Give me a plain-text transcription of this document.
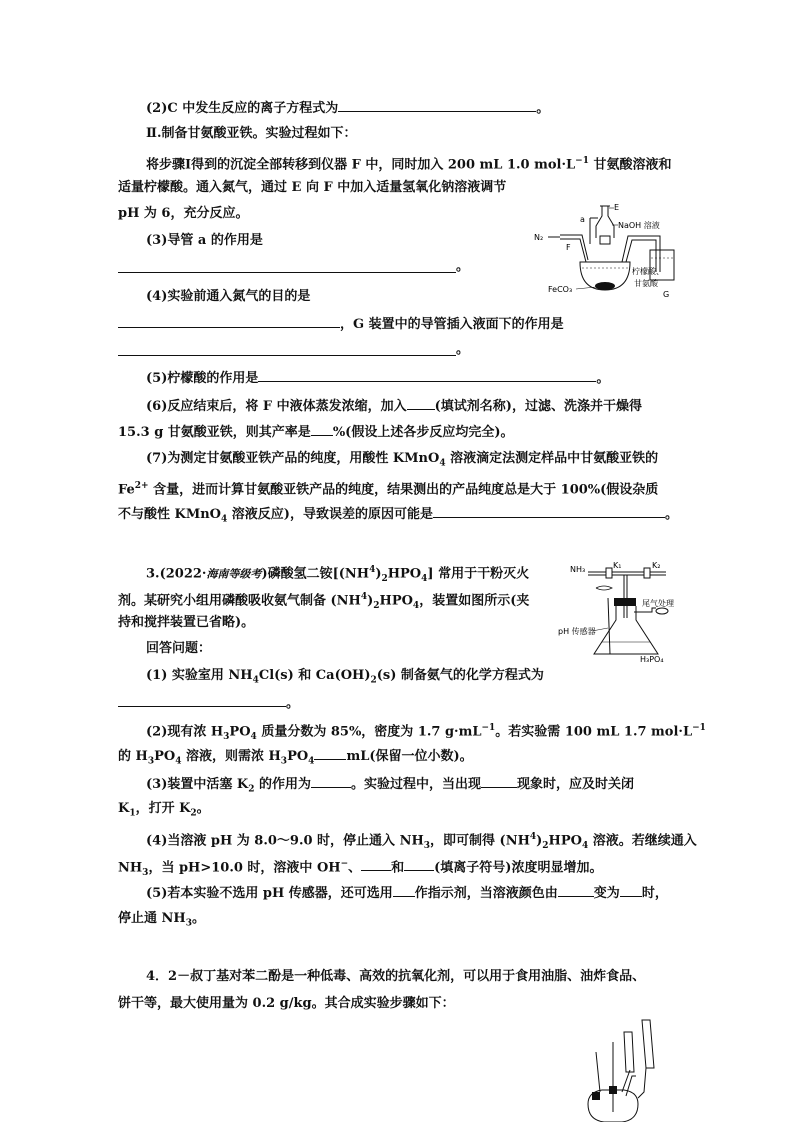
(2)C 中发生反应的离子方程式为	。
Ⅱ.制备甘氨酸亚铁。实验过程如下：
将步骤Ⅰ得到的沉淀全部转移到仪器 F 中，同时加入 200 mL 1.0 $mol\cdot L^{-1}$ 甘氨酸溶液和
适量柠檬酸。通入氮气，通过 E 向 F 中加入适量氢氧化钠溶液调节
pH 为 6，充分反应。
(3)导管 a 的作用是
。
(4)实验前通入氮气的目的是
，G 装置中的导管插入液面下的作用是
。
(5)柠檬酸的作用是	。
(6)反应结束后，将 F 中液体蒸发浓缩，加入 (填试剂名称)，过滤、洗涤并干燥得
15.3 g 甘氨酸亚铁，则其产率是 %(假设上述各步反应均完全)。
(7)为测定甘氨酸亚铁产品的纯度，用酸性 KMnO$_4$ 溶液滴定法测定样品中甘氨酸亚铁的
$Fe^{2+}$ 含量，进而计算甘氨酸亚铁产品的纯度，结果测出的产品纯度总是大于 100%(假设杂质
不与酸性 KMnO$_4$ 溶液反应)，导致误差的原因可能是	。
N₂
a
E
NaOH 溶液
F
FeCO₃
柠檬酸、
甘氨酸
G
3.(2022·海南等级考)磷酸氢二铵$[(NH^4)_2HPO_4]$ 常用于干粉灭火
剂。某研究小组用磷酸吸收氨气制备 $(NH^4)_2HPO_4$，装置如图所示(夹
持和搅拌装置已省略)。
回答问题：
(1) 实验室用 $NH_4Cl(s)$ 和 $Ca(OH)_2(s)$ 制备氨气的化学方程式为
。
(2)现有浓 $H_3PO_4$ 质量分数为 85%，密度为 1.7 $g\cdot mL^{-1}$。若实验需 100 mL 1.7 $mol\cdot L^{-1}$
的 $H_3PO_4$ 溶液，则需浓 $H_3PO_4$ mL(保留一位小数)。
(3)装置中活塞 $K_2$ 的作用为	。实验过程中，当出现	现象时，应及时关闭
$K_1$，打开 $K_2$。
(4)当溶液 pH 为 8.0～9.0 时，停止通入 $NH_3$，即可制得 $(NH^4)_2HPO_4$ 溶液。若继续通入
$NH_3$，当 pH>10.0 时，溶液中 OH−、 和 (填离子符号)浓度明显增加。
(5)若本实验不选用 pH 传感器，还可选用 作指示剂，当溶液颜色由	变为 时，
停止通 $NH_3$。
NH₃	K₁	K₂
尾气处理
pH 传感器
H₃PO₄
4．2－叔丁基对苯二酚是一种低毒、高效的抗氧化剂，可以用于食用油脂、油炸食品、
饼干等，最大使用量为 0.2 g/kg。其合成实验步骤如下：
